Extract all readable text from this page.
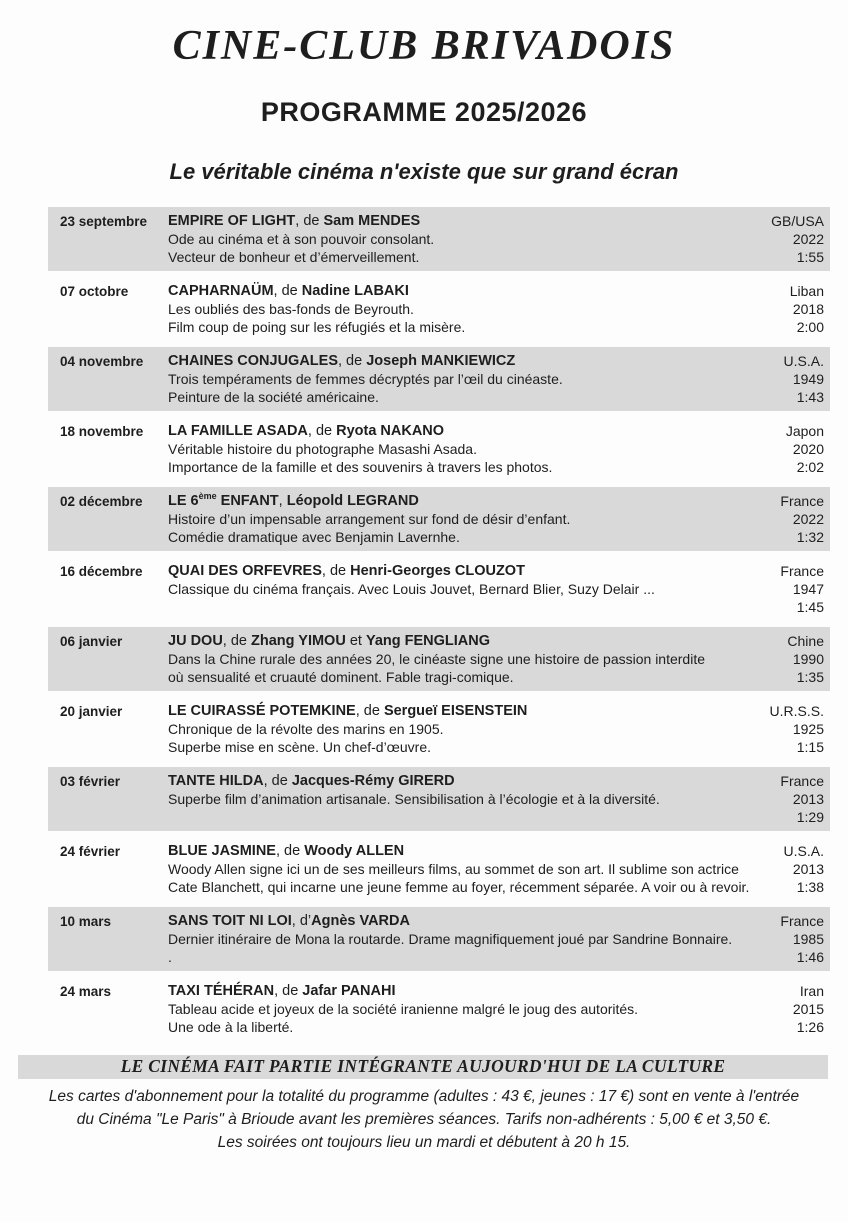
CINE-CLUB BRIVADOIS
PROGRAMME 2025/2026
Le véritable cinéma n'existe que sur grand écran
23 septembre	EMPIRE OF LIGHT, de Sam MENDES
Ode au cinéma et à son pouvoir consolant.
Vecteur de bonheur et d’émerveillement.
GB/USA
2022
1:55
07 octobre	CAPHARNAÜM, de Nadine LABAKI
Les oubliés des bas-fonds de Beyrouth.
Film coup de poing sur les réfugiés et la misère.
Liban
2018
2:00
04 novembre	CHAINES CONJUGALES, de Joseph MANKIEWICZ
Trois tempéraments de femmes décryptés par l’œil du cinéaste.
Peinture de la société américaine.
U.S.A.
1949
1:43
18 novembre	LA FAMILLE ASADA, de Ryota NAKANO
Véritable histoire du photographe Masashi Asada.
Importance de la famille et des souvenirs à travers les photos.
Japon
2020
2:02
02 décembre	LE 6ème ENFANT, Léopold LEGRAND
Histoire d’un impensable arrangement sur fond de désir d’enfant.
Comédie dramatique avec Benjamin Lavernhe.
France
2022
1:32
16 décembre	QUAI DES ORFEVRES, de Henri-Georges CLOUZOT
Classique du cinéma français. Avec Louis Jouvet, Bernard Blier, Suzy Delair ...
France
1947
1:45
06 janvier	JU DOU, de Zhang YIMOU et Yang FENGLIANG
Dans la Chine rurale des années 20, le cinéaste signe une histoire de passion interdite
où sensualité et cruauté dominent. Fable tragi-comique.
Chine
1990
1:35
20 janvier	LE CUIRASSÉ POTEMKINE, de Sergueï EISENSTEIN
Chronique de la révolte des marins en 1905.
Superbe mise en scène. Un chef-d’œuvre.
U.R.S.S.
1925
1:15
03 février	TANTE HILDA, de Jacques-Rémy GIRERD
Superbe film d’animation artisanale. Sensibilisation à l’écologie et à la diversité.
France
2013
1:29
24 février	BLUE JASMINE, de Woody ALLEN
Woody Allen signe ici un de ses meilleurs films, au sommet de son art. Il sublime son actrice
Cate Blanchett, qui incarne une jeune femme au foyer, récemment séparée. A voir ou à revoir.
U.S.A.
2013
1:38
10 mars	SANS TOIT NI LOI, d’Agnès VARDA
Dernier itinéraire de Mona la routarde. Drame magnifiquement joué par Sandrine Bonnaire.
.
France
1985
1:46
24 mars	TAXI TÉHÉRAN, de Jafar PANAHI
Tableau acide et joyeux de la société iranienne malgré le joug des autorités.
Une ode à la liberté.
Iran
2015
1:26
LE CINÉMA FAIT PARTIE INTÉGRANTE AUJOURD'HUI DE LA CULTURE
Les cartes d'abonnement pour la totalité du programme (adultes : 43 €, jeunes : 17 €) sont en vente à l'entrée
du Cinéma "Le Paris" à Brioude avant les premières séances. Tarifs non-adhérents : 5,00 € et 3,50 €.
Les soirées ont toujours lieu un mardi et débutent à 20 h 15.
